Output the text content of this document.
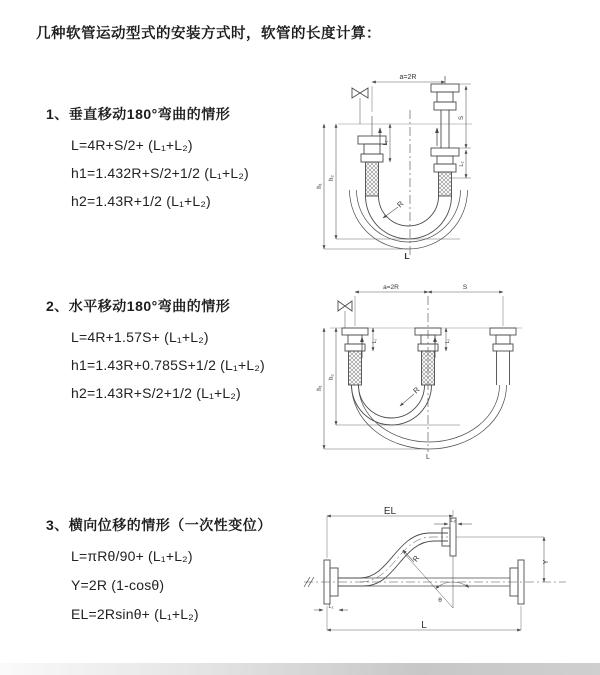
几种软管运动型式的安装方式时，软管的长度计算：
1、垂直移动180°弯曲的情形
L=4R+S/2+ (L₁+L₂)
h1=1.432R+S/2+1/2 (L₁+L₂)
h2=1.43R+1/2 (L₁+L₂)
2、水平移动180°弯曲的情形
L=4R+1.57S+ (L₁+L₂)
h1=1.43R+0.785S+1/2 (L₁+L₂)
h2=1.43R+S/2+1/2 (L₁+L₂)
3、横向位移的情形（一次性变位）
L=πRθ/90+ (L₁+L₂)
Y=2R (1-cosθ)
EL=2Rsinθ+ (L₁+L₂)
a=2R
h₁
h₂
L₁
S
L₂
R
L
a=2R	S
h₁
h₂
L₁	L₂
R
L
EL
L₂
Y
L₁
L
R
θ
